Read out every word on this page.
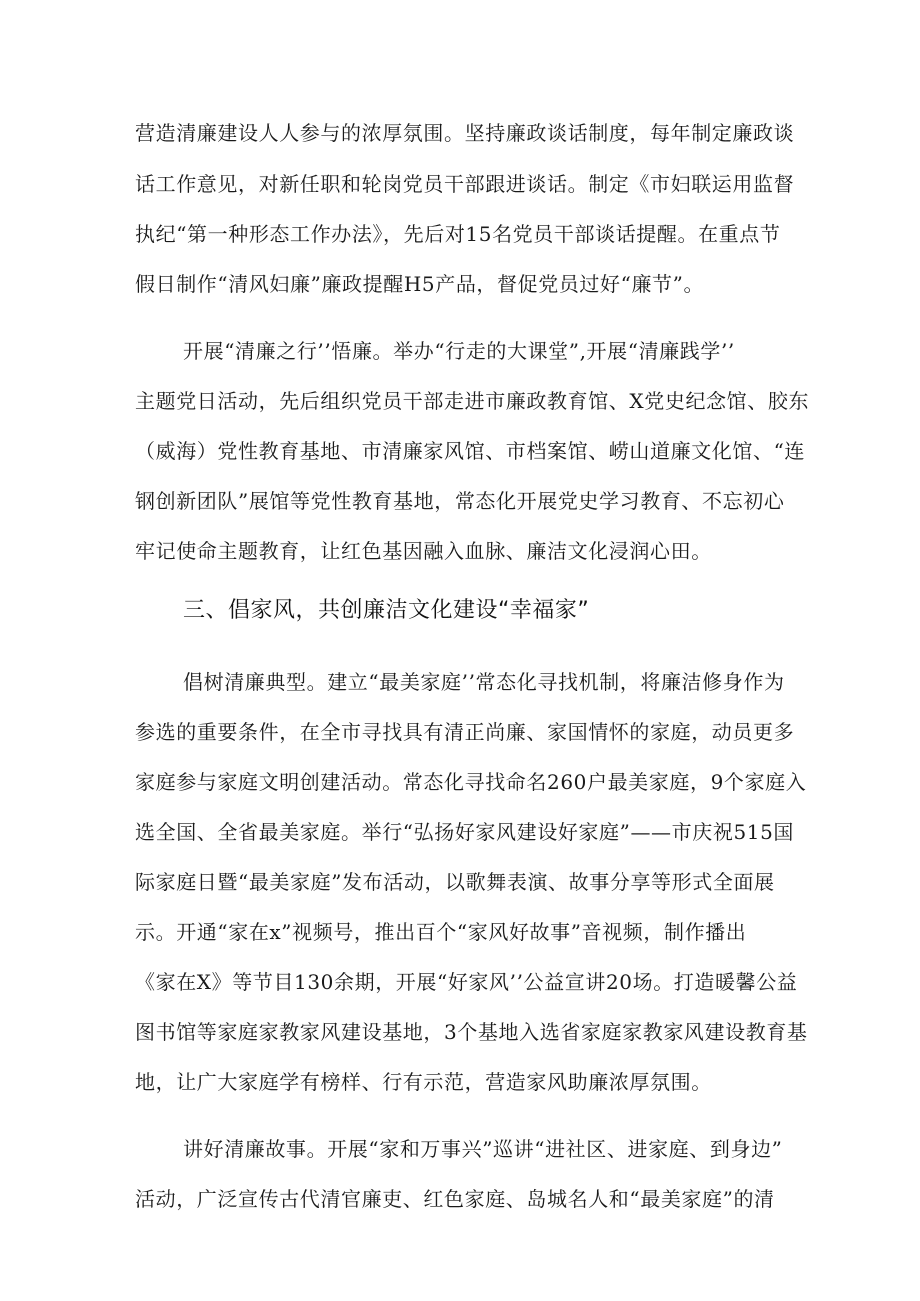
营造清廉建设人人参与的浓厚氛围。坚持廉政谈话制度，每年制定廉政谈
话工作意见，对新任职和轮岗党员干部跟进谈话。制定《市妇联运用监督
执纪“第一种形态工作办法》，先后对15名党员干部谈话提醒。在重点节
假日制作“清风妇廉”廉政提醒H5产品，督促党员过好“廉节”。
开展“清廉之行’’悟廉。举办“行走的大课堂”,开展“清廉践学’’
主题党日活动，先后组织党员干部走进市廉政教育馆、X党史纪念馆、胶东
（威海）党性教育基地、市清廉家风馆、市档案馆、崂山道廉文化馆、“连
钢创新团队”展馆等党性教育基地，常态化开展党史学习教育、不忘初心
牢记使命主题教育，让红色基因融入血脉、廉洁文化浸润心田。
三、倡家风，共创廉洁文化建设“幸福家”
倡树清廉典型。建立“最美家庭’’常态化寻找机制，将廉洁修身作为
参选的重要条件，在全市寻找具有清正尚廉、家国情怀的家庭，动员更多
家庭参与家庭文明创建活动。常态化寻找命名260户最美家庭，9个家庭入
选全国、全省最美家庭。举行“弘扬好家风建设好家庭”——市庆祝515国
际家庭日暨“最美家庭”发布活动，以歌舞表演、故事分享等形式全面展
示。开通“家在x”视频号，推出百个“家风好故事”音视频，制作播出
《家在X》等节目130余期，开展“好家风’’公益宣讲20场。打造暖馨公益
图书馆等家庭家教家风建设基地，3个基地入选省家庭家教家风建设教育基
地，让广大家庭学有榜样、行有示范，营造家风助廉浓厚氛围。
讲好清廉故事。开展“家和万事兴”巡讲“进社区、进家庭、到身边”
活动，广泛宣传古代清官廉吏、红色家庭、岛城名人和“最美家庭”的清
